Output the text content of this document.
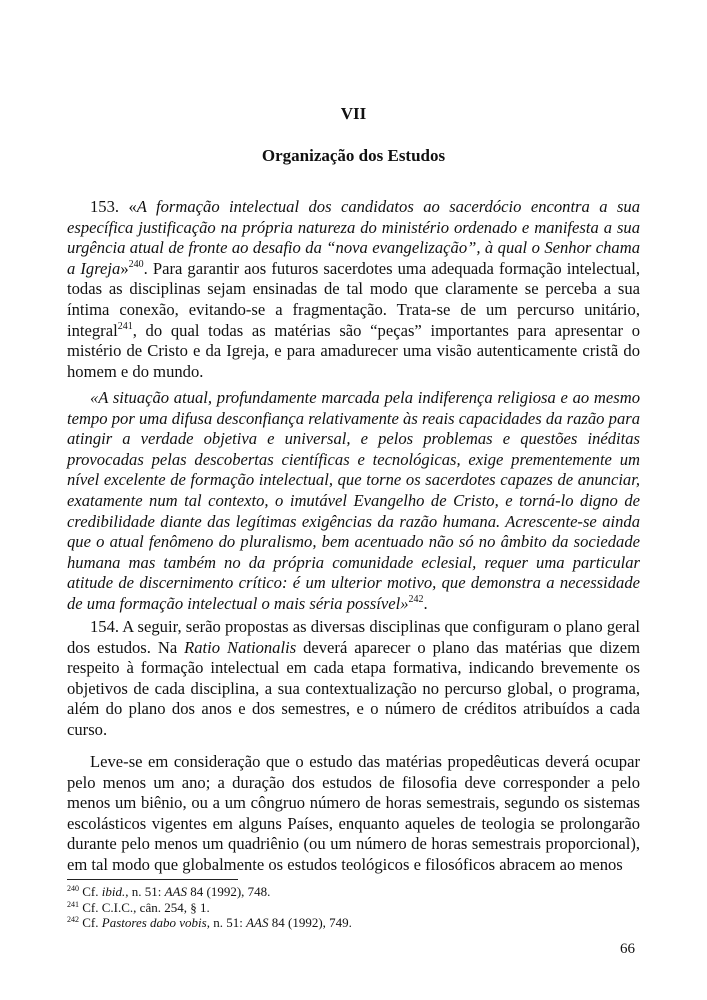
VII
Organização dos Estudos

153. «A formação intelectual dos candidatos ao sacerdócio encontra a sua específica justificação na própria natureza do ministério ordenado e manifesta a sua urgência atual de fronte ao desafio da “nova evangelização”, à qual o Senhor chama a Igreja»$^{240}$. Para garantir aos futuros sacerdotes uma adequada formação intelectual, todas as disciplinas sejam ensinadas de tal modo que claramente se perceba a sua íntima conexão, evitando-se a fragmentação. Trata-se de um percurso unitário, integral$^{241}$, do qual todas as matérias são “peças” importantes para apresentar o mistério de Cristo e da Igreja, e para amadurecer uma visão autenticamente cristã do homem e do mundo.

«A situação atual, profundamente marcada pela indiferença religiosa e ao mesmo tempo por uma difusa desconfiança relativamente às reais capacidades da razão para atingir a verdade objetiva e universal, e pelos problemas e questões inéditas provocadas pelas descobertas científicas e tecnológicas, exige prementemente um nível excelente de formação intelectual, que torne os sacerdotes capazes de anunciar, exatamente num tal contexto, o imutável Evangelho de Cristo, e torná-lo digno de credibilidade diante das legítimas exigências da razão humana. Acrescente-se ainda que o atual fenômeno do pluralismo, bem acentuado não só no âmbito da sociedade humana mas também no da própria comunidade eclesial, requer uma particular atitude de discernimento crítico: é um ulterior motivo, que demonstra a necessidade de uma formação intelectual o mais séria possível»$^{242}$.

154. A seguir, serão propostas as diversas disciplinas que configuram o plano geral dos estudos. Na Ratio Nationalis deverá aparecer o plano das matérias que dizem respeito à formação intelectual em cada etapa formativa, indicando brevemente os objetivos de cada disciplina, a sua contextualização no percurso global, o programa, além do plano dos anos e dos semestres, e o número de créditos atribuídos a cada curso.

Leve-se em consideração que o estudo das matérias propedêuticas deverá ocupar pelo menos um ano; a duração dos estudos de filosofia deve corresponder a pelo menos um biênio, ou a um côngruo número de horas semestrais, segundo os sistemas escolásticos vigentes em alguns Países, enquanto aqueles de teologia se prolongarão durante pelo menos um quadriênio (ou um número de horas semestrais proporcional), em tal modo que globalmente os estudos teológicos e filosóficos abracem ao menos

$^{240}$ Cf. ibid., n. 51: AAS 84 (1992), 748.

$^{241}$ Cf. C.I.C., cân. 254, § 1.

$^{242}$ Cf. Pastores dabo vobis, n. 51: AAS 84 (1992), 749.

66
